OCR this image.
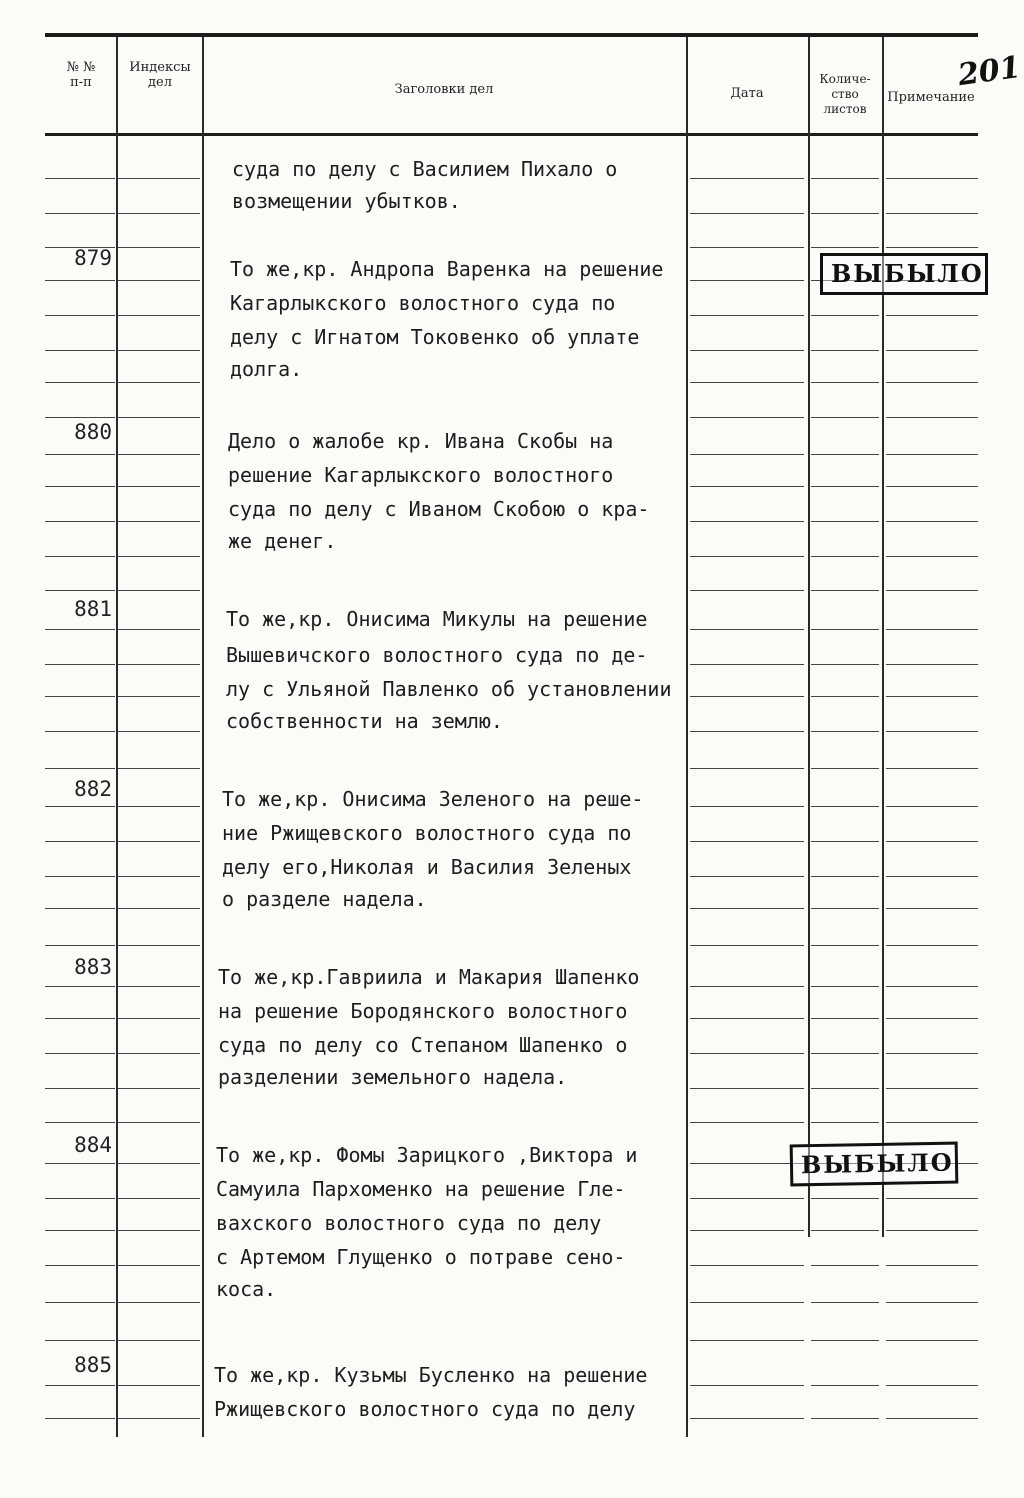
№ №
п-п
Индексы
дел	Заголовки дел	Дата
Количе-
ство
листов
Примечание
201
879
880
881
882
883
884
885
суда по делу с Василием Пихало о
возмещении убытков.
То же,кр. Андропа Варенка на решение
Кагарлыкского волостного суда по
делу с Игнатом Токовенко об уплате
долга.
Дело о жалобе кр. Ивана Скобы на
решение Кагарлыкского волостного
суда по делу с Иваном Скобою о кра-
же денег.
То же,кр. Онисима Микулы на решение
Вышевичского волостного суда по де-
лу с Ульяной Павленко об установлении
собственности на землю.
То же,кр. Онисима Зеленого на реше-
ние Ржищевского волостного суда по
делу его,Николая и Василия Зеленых
о разделе надела.
То же,кр.Гавриила и Макария Шапенко
на решение Бородянского волостного
суда по делу со Степаном Шапенко о
разделении земельного надела.
То же,кр. Фомы Зарицкого ,Виктора и
Самуила Пархоменко на решение Гле-
вахского волостного суда по делу
с Артемом Глущенко о потраве сено-
коса.
То же,кр. Кузьмы Бусленко на решение
Ржищевского волостного суда по делу
ВЫБЫЛО
ВЫБЫЛО
